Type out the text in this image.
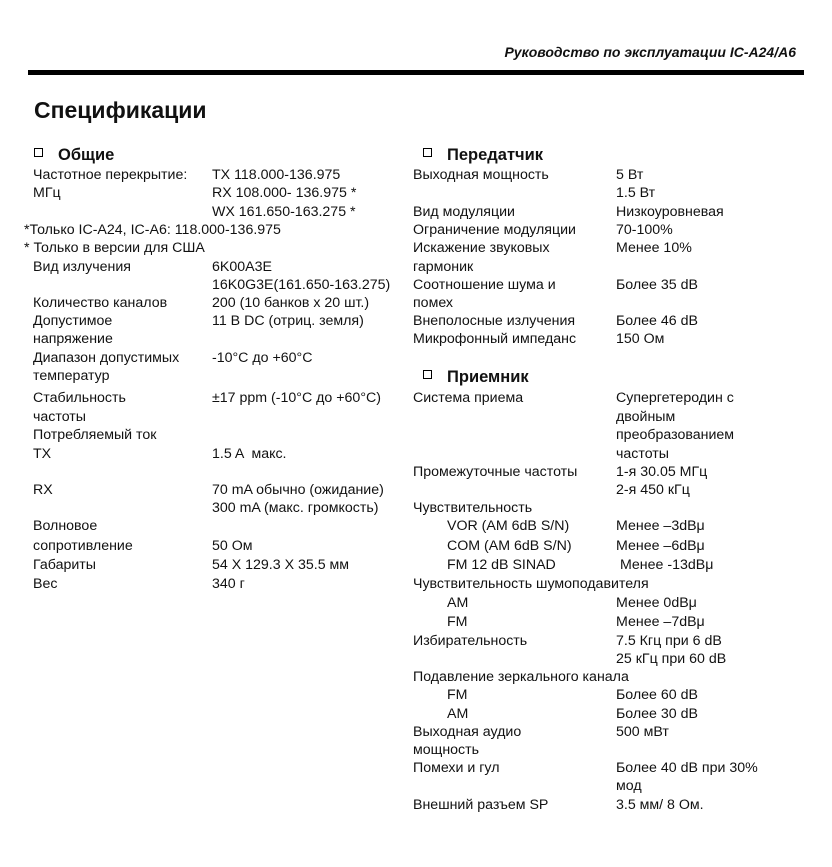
Руководство по эксплуатации IC-A24/A6
Спецификации
Общие	Передатчик
Приемник
Частотное перекрытие: TX 118.000-136.975
МГц	RX 108.000- 136.975 *
WX 161.650-163.275 *
*Только IC-A24, IC-A6: 118.000-136.975
* Только в версии для США
Вид излучения	6K00A3E
16K0G3E(161.650-163.275)
Количество каналов	200 (10 банков х 20 шт.)
Допустимое	11 В DC (отриц. земля)
напряжение
Диапазон допустимых -10°C до +60°C
температур
Стабильность	±17 ppm (-10°C до +60°C)
частоты
Потребляемый ток
TX	1.5 A  макс.
RX	70 mA обычно (ожидание)
300 mA (макс. громкость)
Волновое
сопротивление	50 Ом
Габариты	54 X 129.3 X 35.5 мм
Вес	340 г
Выходная мощность	5 Вт
1.5 Вт
Вид модуляции	Низкоуровневая
Ограничение модуляции	70-100%
Искажение звуковых	Менее 10%
гармоник
Соотношение шума и	Более 35 dB
помех
Внеполосные излучения	Более 46 dB
Микрофонный импеданс	150 Ом
Система приема	Супергетеродин с
двойным
преобразованием
частоты
Промежуточные частоты	1-я 30.05 МГц
2-я 450 кГц
Чувствительность
VOR (AM 6dB S/N)	Менее –3dBμ
COM (AM 6dB S/N)	Менее –6dBμ
FM 12 dB SINAD	Менее -13dBμ
Чувствительность шумоподавителя
AM	Менее 0dBμ
FM	Менее –7dBμ
Избирательность	7.5 Кгц при 6 dB
25 кГц при 60 dB
Подавление зеркального канала
FM	Более 60 dB
AM	Более 30 dB
Выходная аудио	500 мВт
мощность
Помехи и гул	Более 40 dB при 30%
мод
Внешний разъем SP	3.5 мм/ 8 Ом.
